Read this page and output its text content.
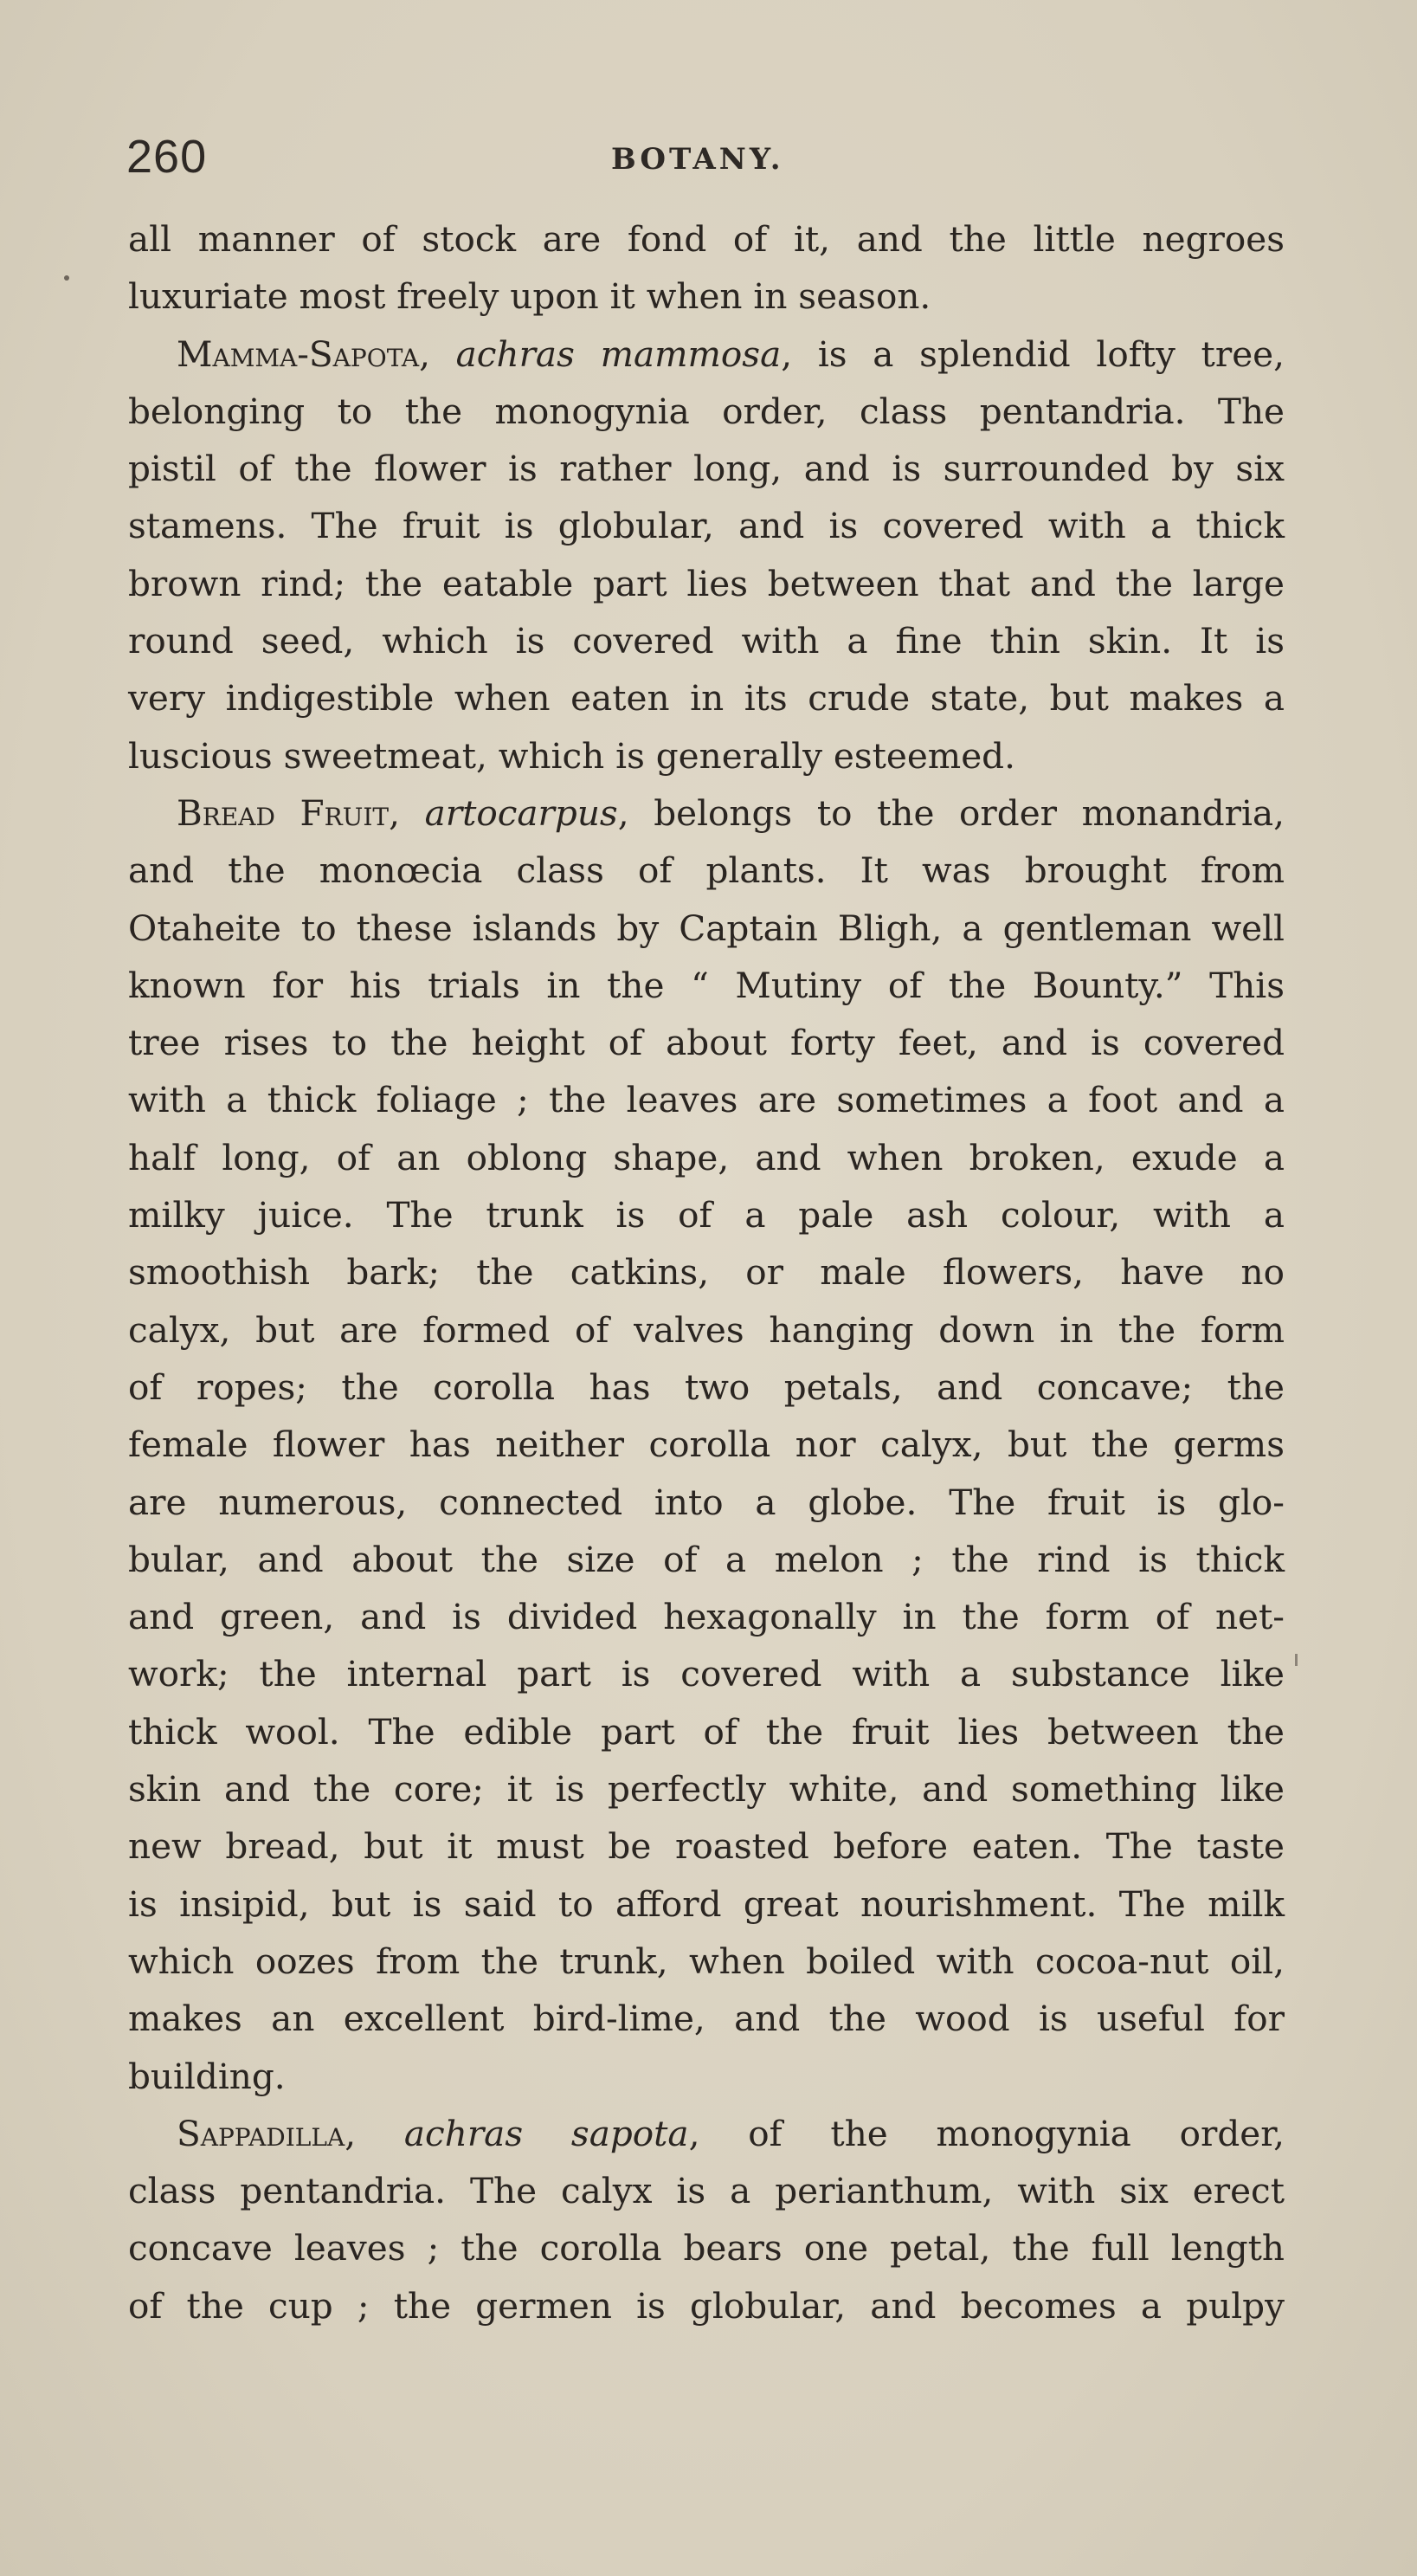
260	BOTANY.
all manner of stock are fond of it, and the little negroes
luxuriate most freely upon it when in season.
Mamma-Sapota, achras mammosa, is a splendid lofty tree,
belonging to the monogynia order, class pentandria. The
pistil of the flower is rather long, and is surrounded by six
stamens. The fruit is globular, and is covered with a thick
brown rind; the eatable part lies between that and the large
round seed, which is covered with a fine thin skin. It is
very indigestible when eaten in its crude state, but makes a
luscious sweetmeat, which is generally esteemed.
Bread Fruit, artocarpus, belongs to the order monandria,
and the monœcia class of plants. It was brought from
Otaheite to these islands by Captain Bligh, a gentleman well
known for his trials in the “ Mutiny of the Bounty.” This
tree rises to the height of about forty feet, and is covered
with a thick foliage ; the leaves are sometimes a foot and a
half long, of an oblong shape, and when broken, exude a
milky juice. The trunk is of a pale ash colour, with a
smoothish bark; the catkins, or male flowers, have no
calyx, but are formed of valves hanging down in the form
of ropes; the corolla has two petals, and concave; the
female flower has neither corolla nor calyx, but the germs
are numerous, connected into a globe. The fruit is glo-
bular, and about the size of a melon ; the rind is thick
and green, and is divided hexagonally in the form of net-
work; the internal part is covered with a substance like
thick wool. The edible part of the fruit lies between the
skin and the core; it is perfectly white, and something like
new bread, but it must be roasted before eaten. The taste
is insipid, but is said to afford great nourishment. The milk
which oozes from the trunk, when boiled with cocoa-nut oil,
makes an excellent bird-lime, and the wood is useful for
building.
Sappadilla, achras sapota, of the monogynia order,
class pentandria. The calyx is a perianthum, with six erect
concave leaves ; the corolla bears one petal, the full length
of the cup ; the germen is globular, and becomes a pulpy
